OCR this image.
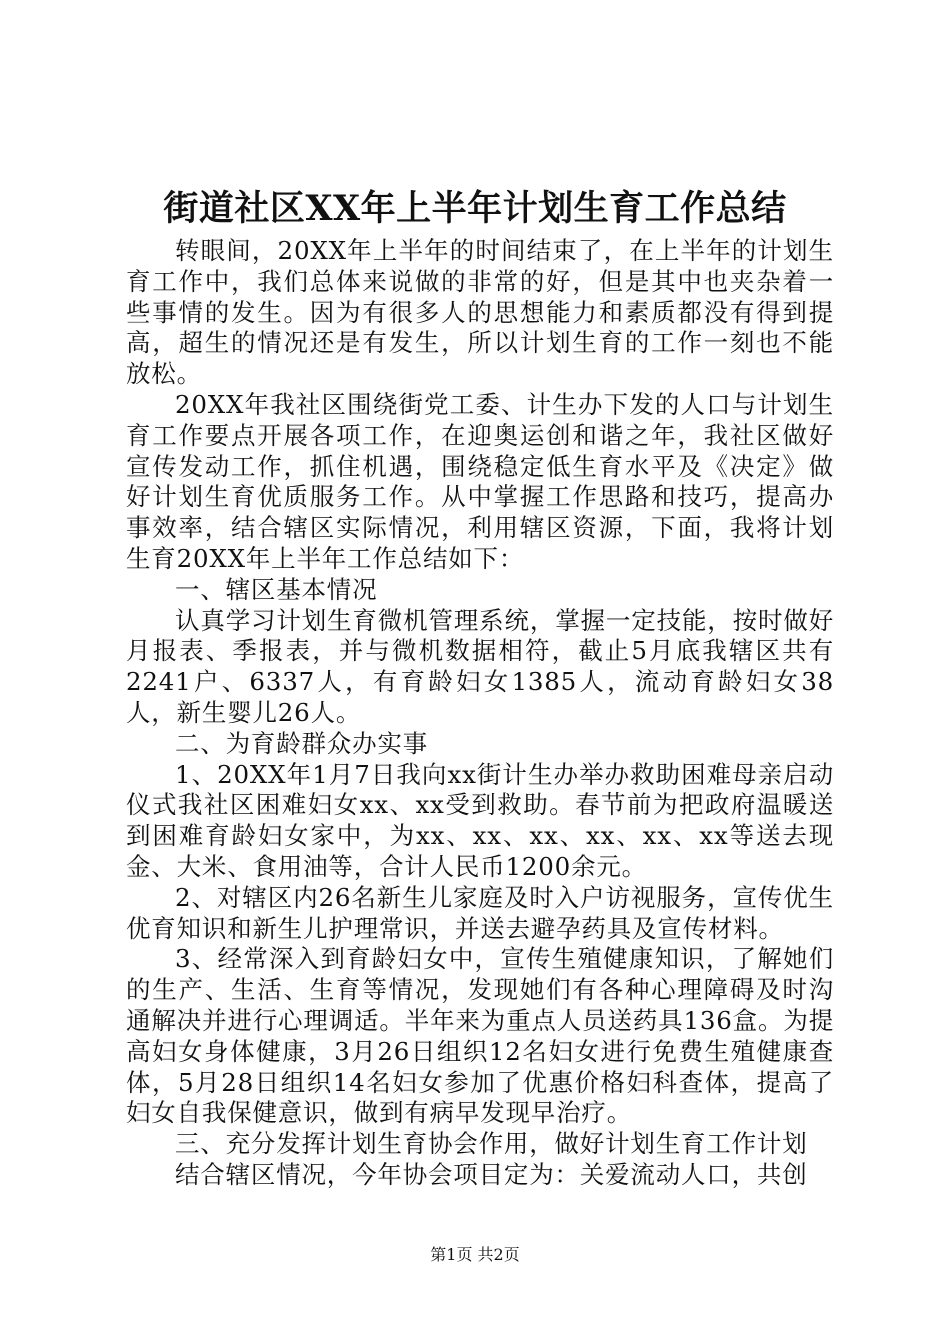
街道社区XX年上半年计划生育工作总结

转眼间，20XX年上半年的时间结束了，在上半年的计划生育工作中，我们总体来说做的非常的好，但是其中也夹杂着一些事情的发生。因为有很多人的思想能力和素质都没有得到提高，超生的情况还是有发生，所以计划生育的工作一刻也不能放松。

20XX年我社区围绕街党工委、计生办下发的人口与计划生育工作要点开展各项工作，在迎奥运创和谐之年，我社区做好宣传发动工作，抓住机遇，围绕稳定低生育水平及《决定》做好计划生育优质服务工作。从中掌握工作思路和技巧，提高办事效率，结合辖区实际情况，利用辖区资源，下面，我将计划生育20XX年上半年工作总结如下：

一、辖区基本情况

认真学习计划生育微机管理系统，掌握一定技能，按时做好月报表、季报表，并与微机数据相符，截止5月底我辖区共有2241户、6337人，有育龄妇女1385人，流动育龄妇女38人，新生婴儿26人。

二、为育龄群众办实事

1、20XX年1月7日我向xx街计生办举办救助困难母亲启动仪式我社区困难妇女xx、xx受到救助。春节前为把政府温暖送到困难育龄妇女家中，为xx、xx、xx、xx、xx、xx等送去现金、大米、食用油等，合计人民币1200余元。

2、对辖区内26名新生儿家庭及时入户访视服务，宣传优生优育知识和新生儿护理常识，并送去避孕药具及宣传材料。

3、经常深入到育龄妇女中，宣传生殖健康知识，了解她们的生产、生活、生育等情况，发现她们有各种心理障碍及时沟通解决并进行心理调适。半年来为重点人员送药具136盒。为提高妇女身体健康，3月26日组织12名妇女进行免费生殖健康查体，5月28日组织14名妇女参加了优惠价格妇科查体，提高了妇女自我保健意识，做到有病早发现早治疗。

三、充分发挥计划生育协会作用，做好计划生育工作计划

结合辖区情况，今年协会项目定为：关爱流动人口，共创

第1页 共2页
